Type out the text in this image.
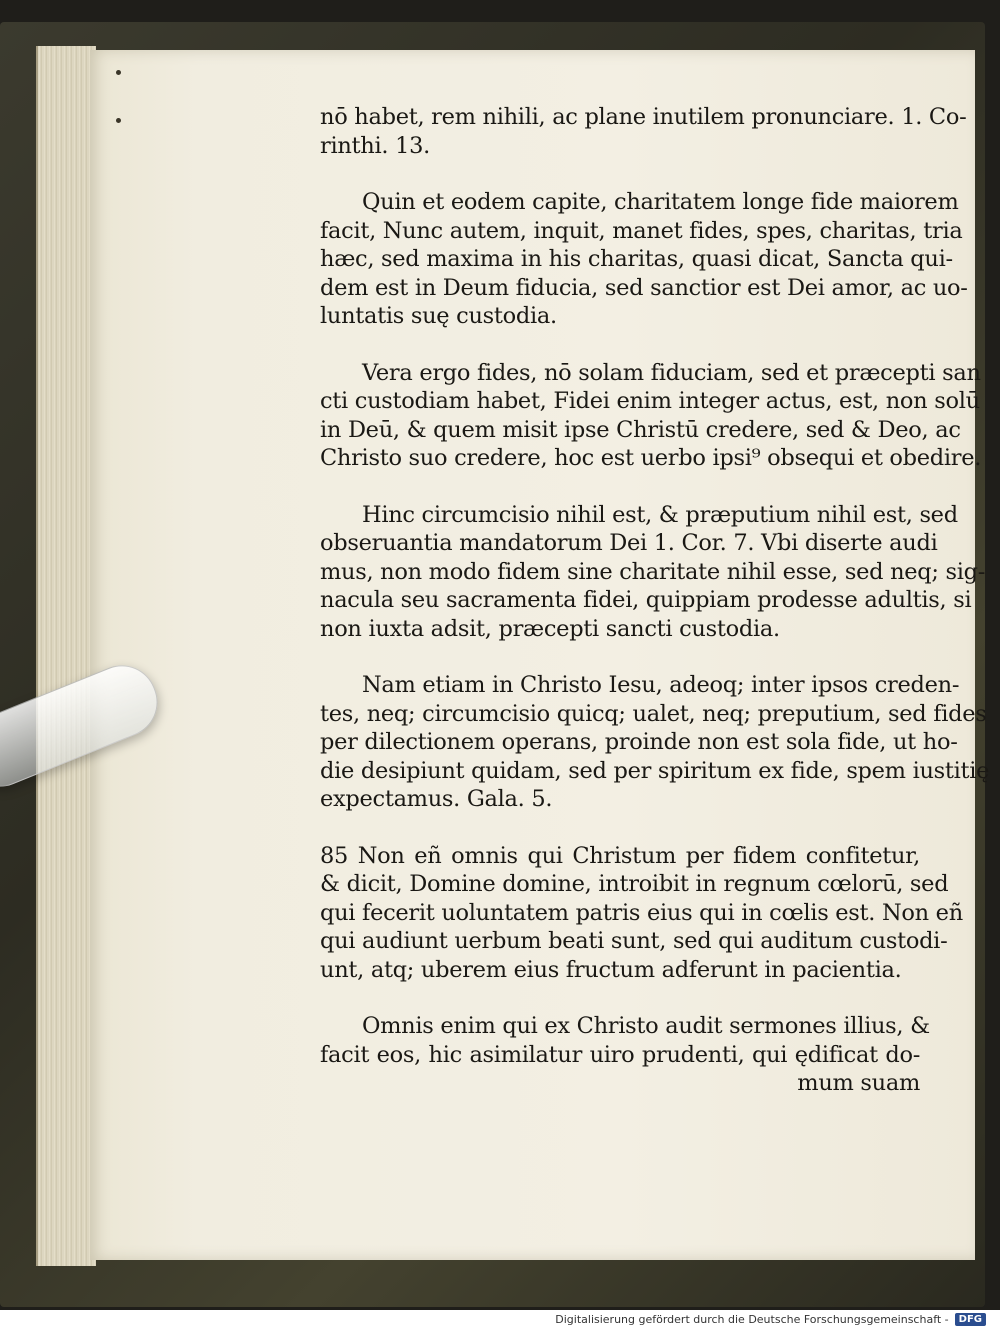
nō habet, rem nihili, ac plane inutilem pronunciare. 1. Co-
rinthi. 13.
Quin et eodem capite, charitatem longe fide maiorem
facit, Nunc autem, inquit, manet fides, spes, charitas, tria
hæc, sed maxima in his charitas, quasi dicat, Sancta qui-
dem est in Deum fiducia, sed sanctior est Dei amor, ac uo-
luntatis suę custodia.
Vera ergo fides, nō solam fiduciam, sed et præcepti san
cti custodiam habet, Fidei enim integer actus, est, non solū
in Deū, & quem misit ipse Christū credere, sed & Deo, ac
Christo suo credere, hoc est uerbo ipsi⁹ obsequi et obedire.
Hinc circumcisio nihil est, & præputium nihil est, sed
obseruantia mandatorum Dei 1. Cor. 7. Vbi diserte audi
mus, non modo fidem sine charitate nihil esse, sed neq; sig-
nacula seu sacramenta fidei, quippiam prodesse adultis, si
non iuxta adsit, præcepti sancti custodia.
Nam etiam in Christo Iesu, adeoq; inter ipsos creden-
tes, neq; circumcisio quicq; ualet, neq; preputium, sed fides
per dilectionem operans, proinde non est sola fide, ut ho-
die desipiunt quidam, sed per spiritum ex fide, spem iustitię
expectamus. Gala. 5.
85 Non eñ omnis qui Christum per fidem confitetur,
& dicit, Domine domine, introibit in regnum cœlorū, sed
qui fecerit uoluntatem patris eius qui in cœlis est. Non eñ
qui audiunt uerbum beati sunt, sed qui auditum custodi-
unt, atq; uberem eius fructum adferunt in pacientia.
Omnis enim qui ex Christo audit sermones illius, &
facit eos, hic asimilatur uiro prudenti, qui ędificat do-
mum suam
Digitalisierung gefördert durch die Deutsche Forschungsgemeinschaft -	DFG
